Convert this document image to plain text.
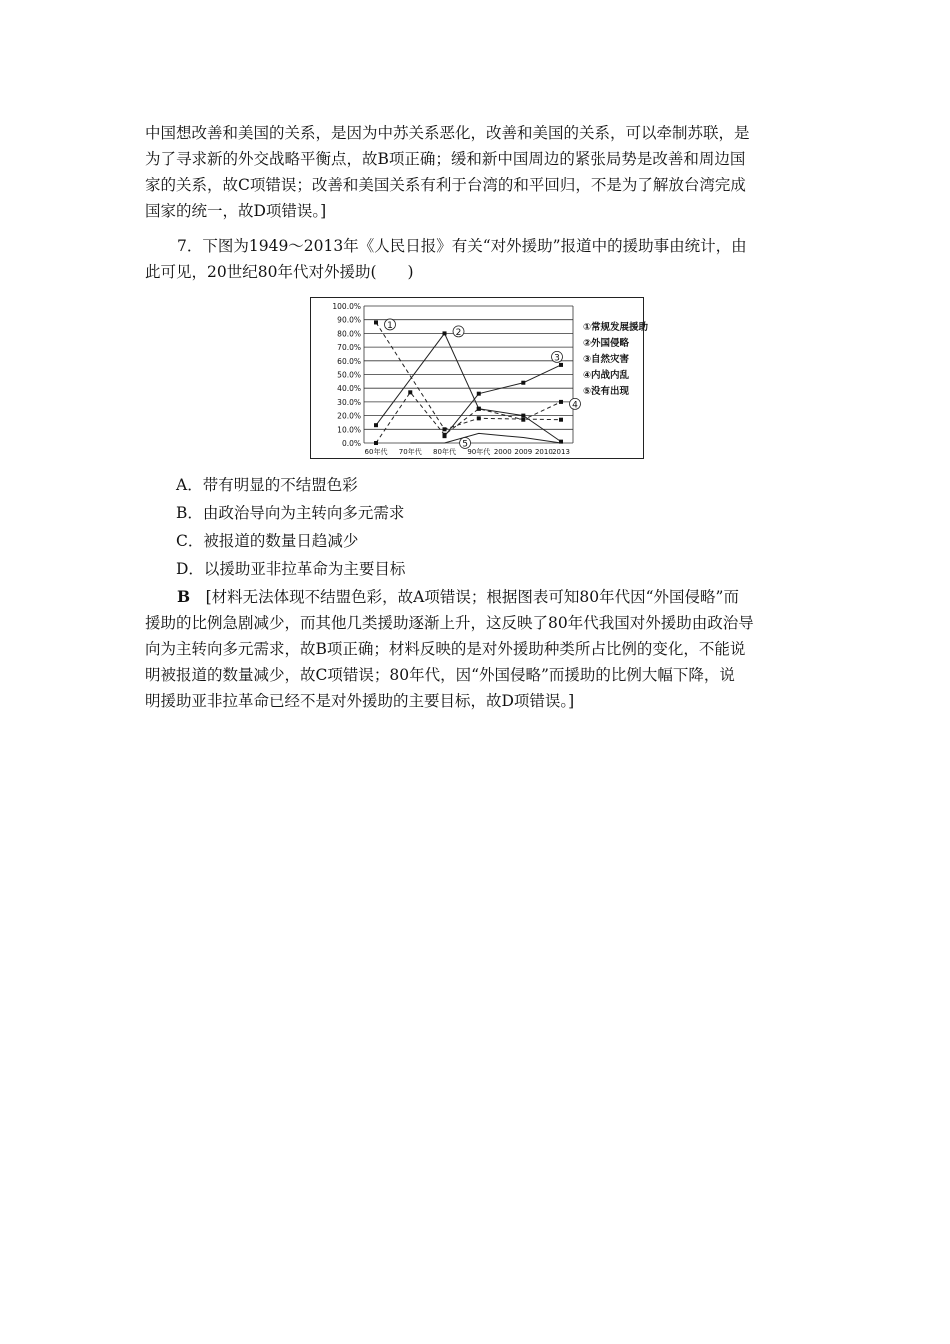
中国想改善和美国的关系，是因为中苏关系恶化，改善和美国的关系，可以牵制苏联，是
为了寻求新的外交战略平衡点，故B项正确；缓和新中国周边的紧张局势是改善和周边国
家的关系，故C项错误；改善和美国关系有利于台湾的和平回归，不是为了解放台湾完成
国家的统一，故D项错误。]
7．下图为1949～2013年《人民日报》有关“对外援助”报道中的援助事由统计，由
此可见，20世纪80年代对外援助(　　)
0.0%
10.0%
20.0%
30.0%
40.0%
50.0%
60.0%
70.0%
80.0%
90.0%
100.0%
60年代 70年代 80年代 90年代 2000 2009 2010 2013
1
2
3
4
5
①常规发展援助
②外国侵略
③自然灾害
④内战内乱
⑤没有出现
A．带有明显的不结盟色彩
B．由政治导向为主转向多元需求
C．被报道的数量日趋减少
D．以援助亚非拉革命为主要目标
B　 [材料无法体现不结盟色彩，故A项错误；根据图表可知80年代因“外国侵略”而
援助的比例急剧减少，而其他几类援助逐渐上升，这反映了80年代我国对外援助由政治导
向为主转向多元需求，故B项正确；材料反映的是对外援助种类所占比例的变化，不能说
明被报道的数量减少，故C项错误；80年代，因“外国侵略”而援助的比例大幅下降，说
明援助亚非拉革命已经不是对外援助的主要目标，故D项错误。]
